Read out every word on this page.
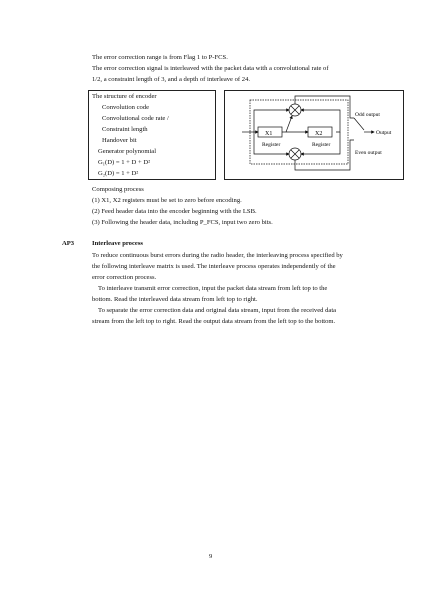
The error correction range is from Flag 1 to P-FCS.
The error correction signal is interleaved with the packet data with a convolutional rate of
1/2, a constraint length of 3, and a depth of interleave of 24.
The structure of encoder
Convolution code
Convolutional code rate /
Constraint length
Handover bit
Generator polynomial
G₁(D) = 1 + D + D²
G₂(D) = 1 + D²
X1	X2
Register	Register
Odd output
Output
Even output
Composing process
(1) X1, X2 registers must be set to zero before encoding.
(2) Feed header data into the encoder beginning with the LSB.
(3) Following the header data, including P_FCS, input two zero bits.
AP3	Interleave process
To reduce continuous burst errors during the radio header, the interleaving process specified by
the following interleave matrix is used. The interleave process operates independently of the
error correction process.
To interleave transmit error correction, input the packet data stream from left top to the
bottom. Read the interleaved data stream from left top to right.
To separate the error correction data and original data stream, input from the received data
stream from the left top to right. Read the output data stream from the left top to the bottom.
9
